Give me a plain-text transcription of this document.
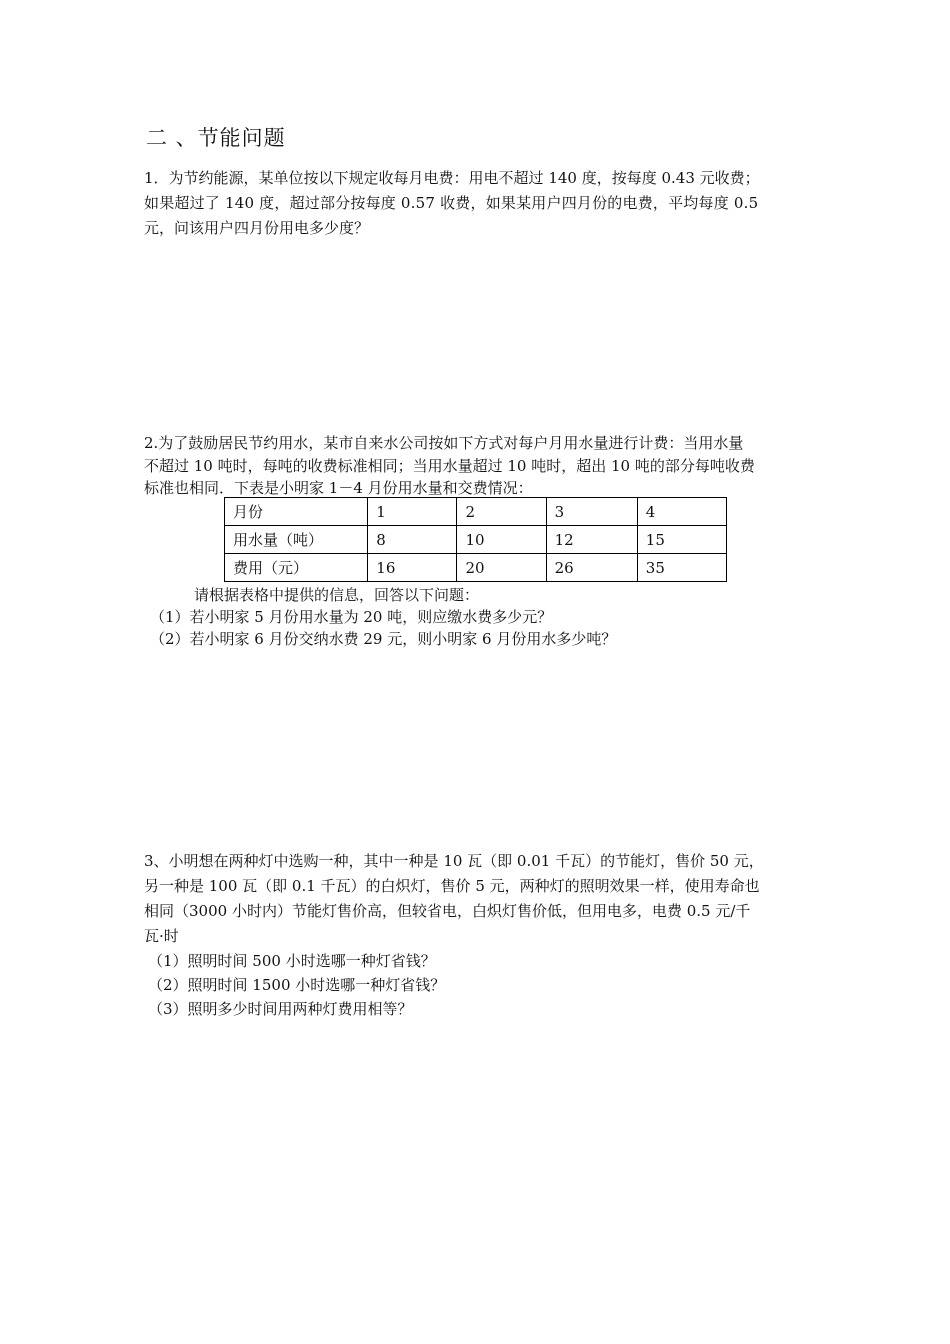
二 、节能问题
1．为节约能源，某单位按以下规定收每月电费：用电不超过 140 度，按每度 0.43 元收费；
如果超过了 140 度，超过部分按每度 0.57 收费，如果某用户四月份的电费，平均每度 0.5
元，问该用户四月份用电多少度？
2.为了鼓励居民节约用水，某市自来水公司按如下方式对每户月用水量进行计费：当用水量
不超过 10 吨时，每吨的收费标准相同；当用水量超过 10 吨时，超出 10 吨的部分每吨收费
标准也相同．下表是小明家 1－4 月份用水量和交费情况：
月份	1	2	3	4
用水量（吨）	8	10	12	15
费用（元）	16	20	26	35
请根据表格中提供的信息，回答以下问题：
（1）若小明家 5 月份用水量为 20 吨，则应缴水费多少元？
（2）若小明家 6 月份交纳水费 29 元，则小明家 6 月份用水多少吨？
3、小明想在两种灯中选购一种，其中一种是 10 瓦（即 0.01 千瓦）的节能灯，售价 50 元，
另一种是 100 瓦（即 0.1 千瓦）的白炽灯，售价 5 元，两种灯的照明效果一样，使用寿命也
相同（3000 小时内）节能灯售价高，但较省电，白炽灯售价低，但用电多，电费 0.5 元/千
瓦·时
（1）照明时间 500 小时选哪一种灯省钱？
（2）照明时间 1500 小时选哪一种灯省钱？
（3）照明多少时间用两种灯费用相等？
